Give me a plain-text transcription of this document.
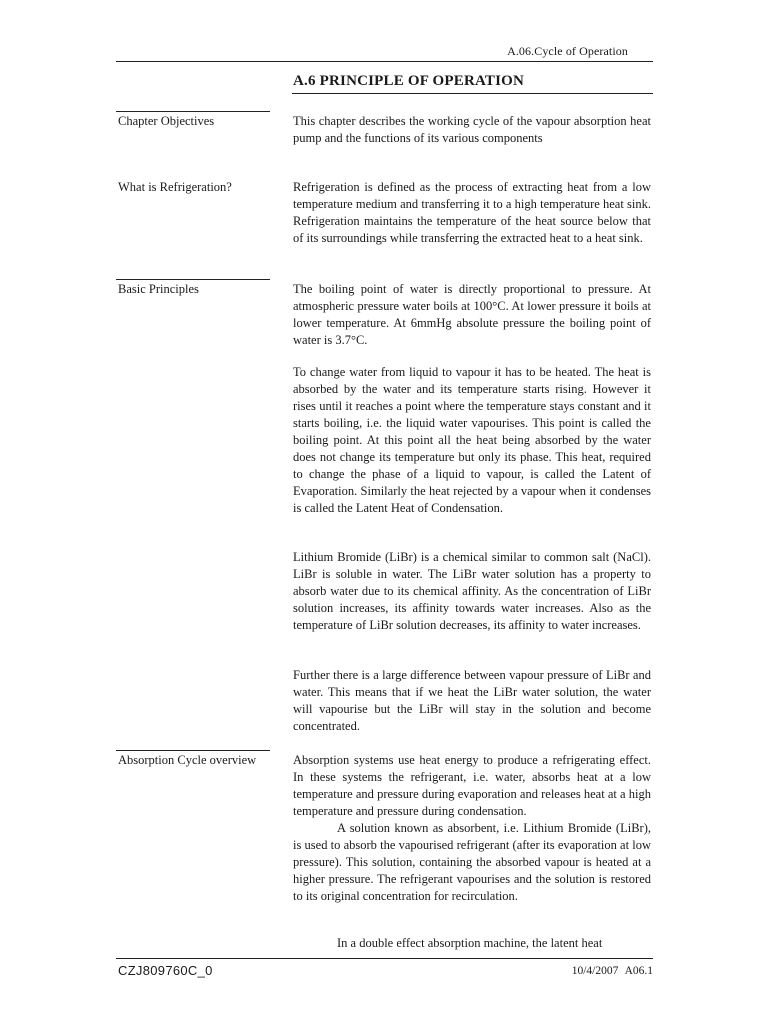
A.06.Cycle of Operation
A.6 PRINCIPLE OF OPERATION
Chapter Objectives	This chapter describes the working cycle of the vapour absorption heat pump and the functions of its various components
What is Refrigeration?	Refrigeration is defined as the process of extracting heat from a low temperature medium and transferring it to a high temperature heat sink. Refrigeration maintains the temperature of the heat source below that of its surroundings while transferring the extracted heat to a heat sink.
Basic Principles	The boiling point of water is directly proportional to pressure. At atmospheric pressure water boils at 100°C. At lower pressure it boils at lower temperature. At 6mmHg absolute pressure the boiling point of water is 3.7°C.
To change water from liquid to vapour it has to be heated. The heat is absorbed by the water and its temperature starts rising. However it rises until it reaches a point where the temperature stays constant and it starts boiling, i.e. the liquid water vapourises. This point is called the boiling point. At this point all the heat being absorbed by the water does not change its temperature but only its phase. This heat, required to change the phase of a liquid to vapour, is called the Latent of Evaporation. Similarly the heat rejected by a vapour when it condenses is called the Latent Heat of Condensation.
Lithium Bromide (LiBr) is a chemical similar to common salt (NaCl). LiBr is soluble in water. The LiBr water solution has a property to absorb water due to its chemical affinity. As the concentration of LiBr solution increases, its affinity towards water increases. Also as the temperature of LiBr solution decreases, its affinity to water increases.
Further there is a large difference between vapour pressure of LiBr and water. This means that if we heat the LiBr water solution, the water will vapourise but the LiBr will stay in the solution and become concentrated.
Absorption Cycle overview	Absorption systems use heat energy to produce a refrigerating effect. In these systems the refrigerant, i.e. water, absorbs heat at a low temperature and pressure during evaporation and releases heat at a high temperature and pressure during condensation.
A solution known as absorbent, i.e. Lithium Bromide (LiBr), is used to absorb the vapourised refrigerant (after its evaporation at low pressure). This solution, containing the absorbed vapour is heated at a higher pressure. The refrigerant vapourises and the solution is restored to its original concentration for recirculation.
In a double effect absorption machine, the latent heat
CZJ809760C_0	10/4/2007 A06.1
